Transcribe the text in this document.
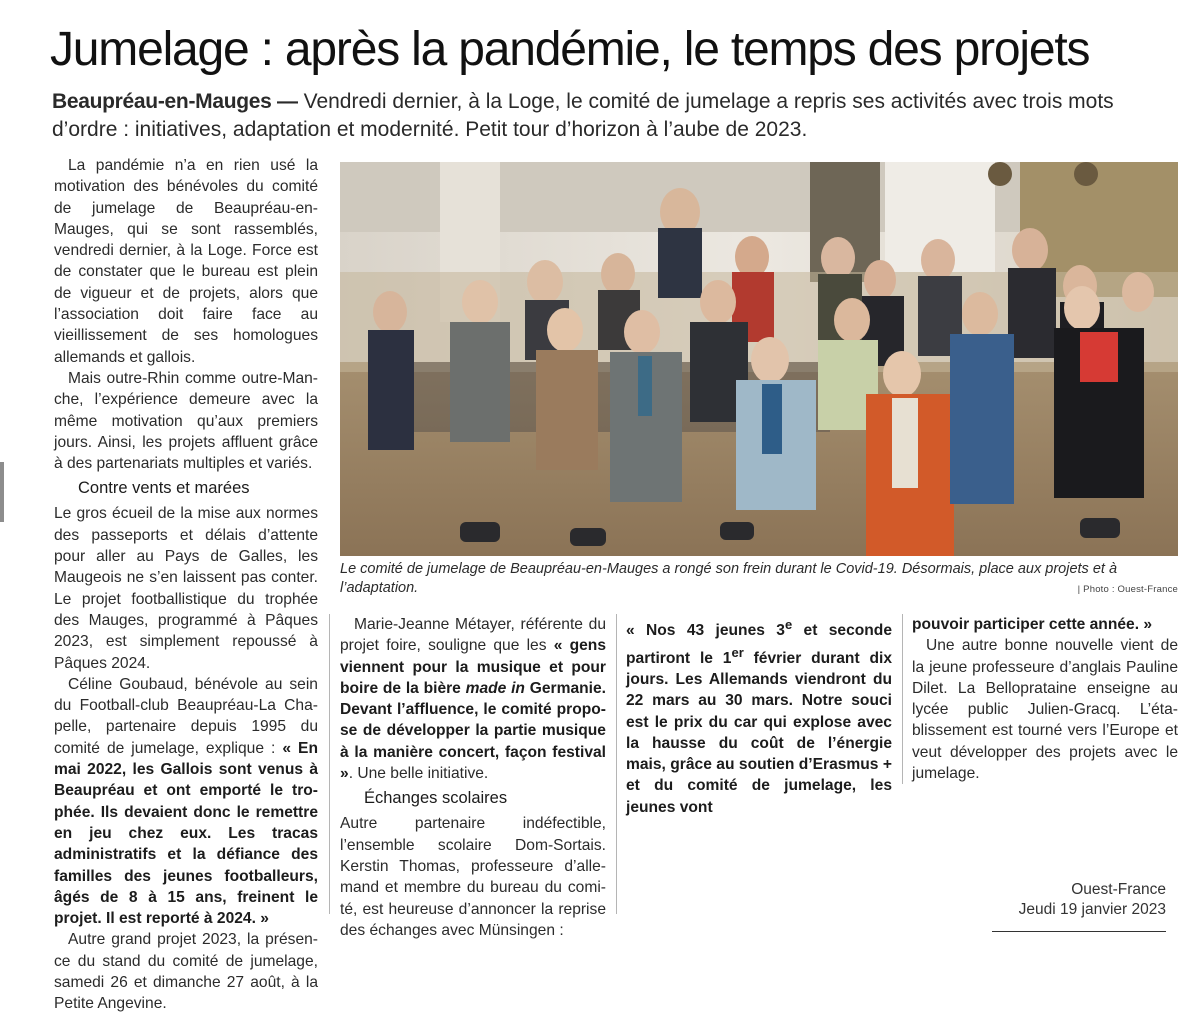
Jumelage : après la pandémie, le temps des projets

Beaupréau-en-Mauges — Vendredi dernier, à la Loge, le comité de jumelage a repris ses activités avec trois mots d’ordre : initiatives, adaptation et modernité. Petit tour d’horizon à l’aube de 2023.

Le comité de jumelage de Beaupréau-en-Mauges a rongé son frein durant le Covid-19. Désormais, place aux projets et à l’adaptation.	| Photo : Ouest-France

La pandémie n’a en rien usé la motivation des bénévoles du comité de jumelage de Beaupréau-en-Mauges, qui se sont rassemblés, vendredi dernier, à la Loge. Force est de constater que le bureau est plein de vigueur et de projets, alors que l’association doit faire face au vieillissement de ses homologues allemands et gallois.

Mais outre-Rhin comme outre-Manche, l’expérience demeure avec la même motivation qu’aux premiers jours. Ainsi, les projets affluent grâce à des partenariats multiples et variés.

Contre vents et marées

Le gros écueil de la mise aux normes des passeports et délais d’attente pour aller au Pays de Galles, les Maugeois ne s’en laissent pas conter. Le projet footballistique du trophée des Mauges, programmé à Pâques 2023, est simplement repoussé à Pâques 2024.

Céline Goubaud, bénévole au sein du Football-club Beaupréau-La Chapelle, partenaire depuis 1995 du comité de jumelage, explique : « En mai 2022, les Gallois sont venus à Beaupréau et ont emporté le trophée. Ils devaient donc le remettre en jeu chez eux. Les tracas administratifs et la défiance des familles des jeunes footballeurs, âgés de 8 à 15 ans, freinent le projet. Il est reporté à 2024. »

Autre grand projet 2023, la présence du stand du comité de jumelage, samedi 26 et dimanche 27 août, à la Petite Angevine.

Marie-Jeanne Métayer, référente du projet foire, souligne que les « gens viennent pour la musique et pour boire de la bière made in Germanie. Devant l’affluence, le comité propose de développer la partie musique à la manière concert, façon festival ». Une belle initiative.

Échanges scolaires

Autre partenaire indéfectible, l’ensemble scolaire Dom-Sortais. Kerstin Thomas, professeure d’allemand et membre du bureau du comité, est heureuse d’annoncer la reprise des échanges avec Münsingen :

« Nos 43 jeunes 3e et seconde partiront le 1er février durant dix jours. Les Allemands viendront du 22 mars au 30 mars. Notre souci est le prix du car qui explose avec la hausse du coût de l’énergie mais, grâce au soutien d’Erasmus + et du comité de jumelage, les jeunes vont

pouvoir participer cette année. »

Une autre bonne nouvelle vient de la jeune professeure d’anglais Pauline Dilet. La Belloprataine enseigne au lycée public Julien-Gracq. L’établissement est tourné vers l’Europe et veut développer des projets avec le jumelage.

Ouest-France
Jeudi 19 janvier 2023
